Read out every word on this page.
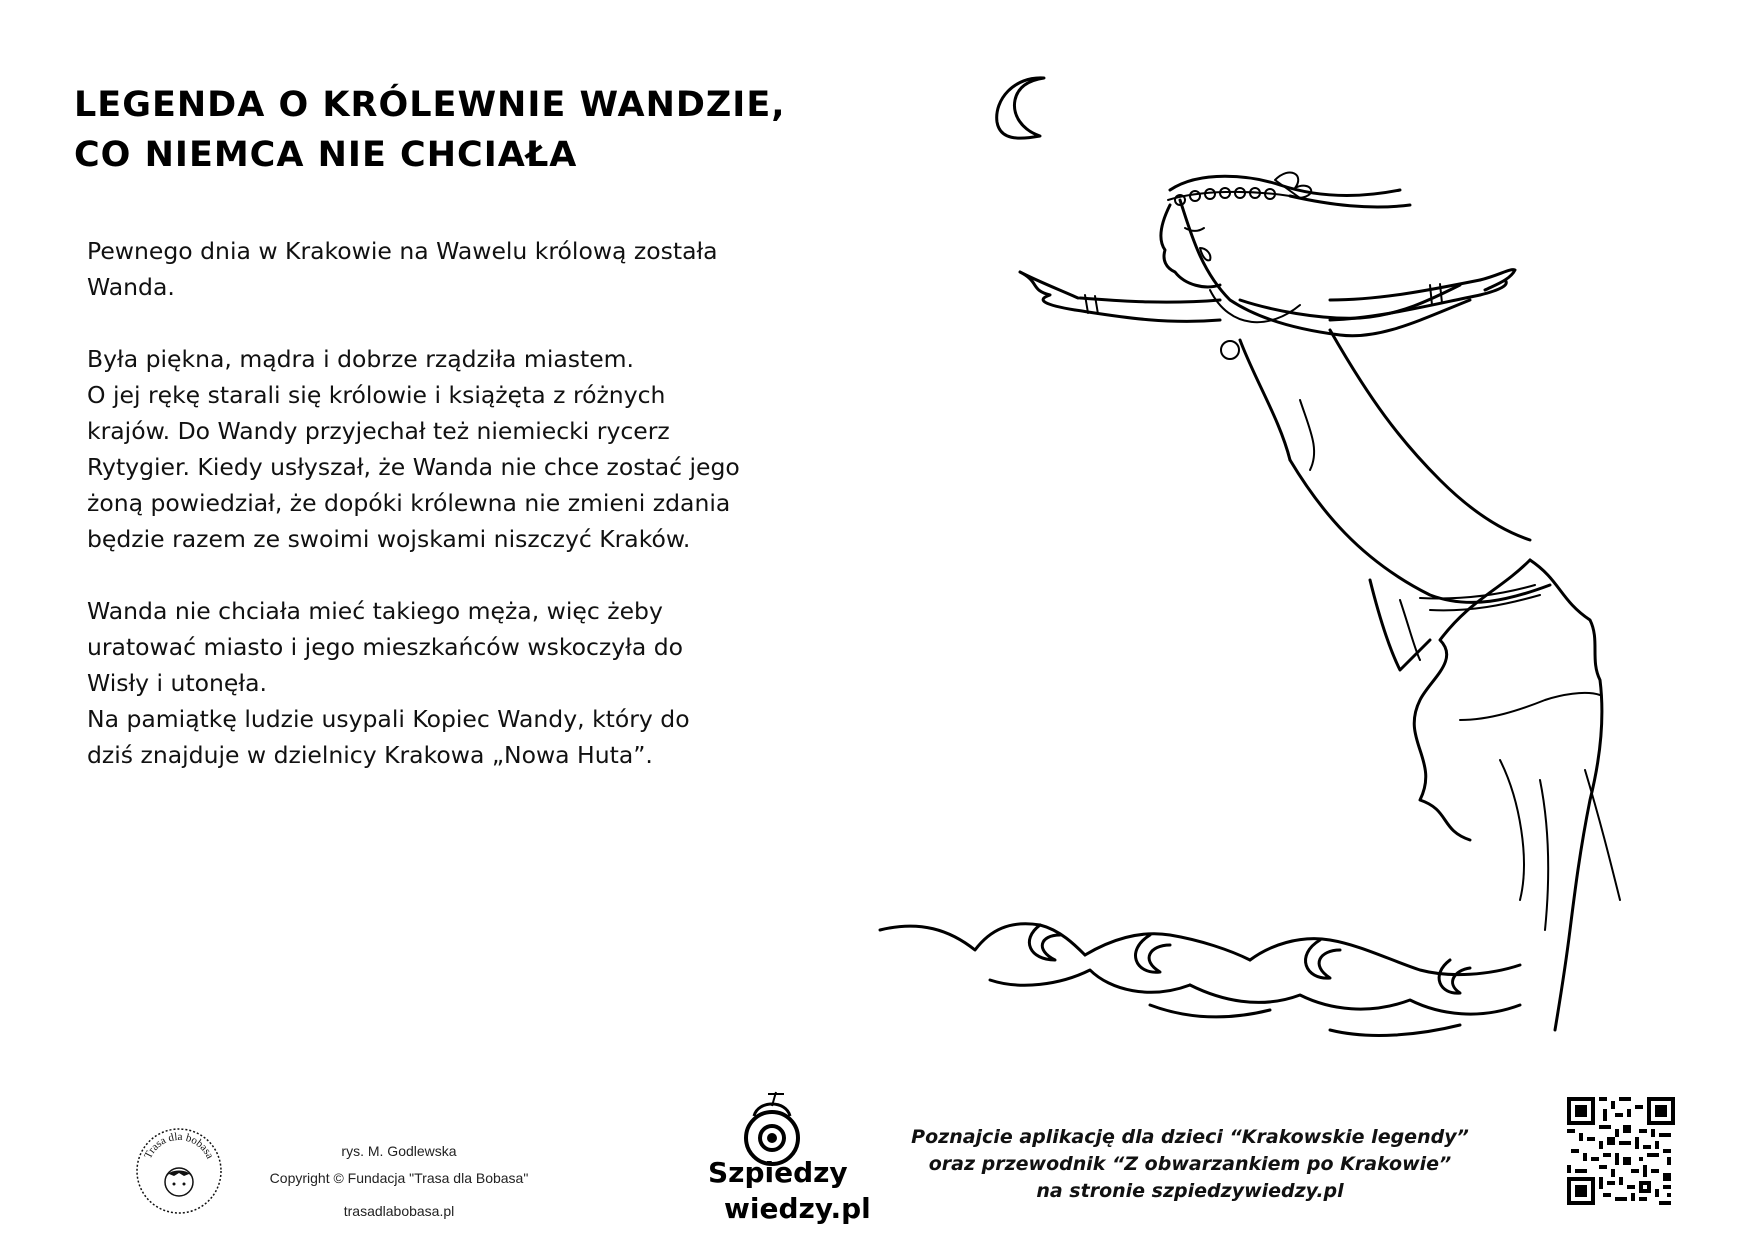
LEGENDA O KRÓLEWNIE WANDZIE,
CO NIEMCA NIE CHCIAŁA

Pewnego dnia w Krakowie na Wawelu królową została
Wanda.

Była piękna, mądra i dobrze rządziła miastem.
O jej rękę starali się królowie i książęta z różnych
krajów. Do Wandy przyjechał też niemiecki rycerz
Rytygier. Kiedy usłyszał, że Wanda nie chce zostać jego
żoną powiedział, że dopóki królewna nie zmieni zdania
będzie razem ze swoimi wojskami niszczyć Kraków.

Wanda nie chciała mieć takiego męża, więc żeby
uratować miasto i jego mieszkańców wskoczyła do
Wisły i utonęła.
Na pamiątkę ludzie usypali Kopiec Wandy, który do
dziś znajduje w dzielnicy Krakowa „Nowa Huta”.

Trasa dla bobasa	rys. M. Godlewska
Copyright © Fundacja "Trasa dla Bobasa"
trasadlabobasa.pl
Szpiedzy
wiedzy.pl
Poznajcie aplikację dla dzieci “Krakowskie legendy”
oraz przewodnik “Z obwarzankiem po Krakowie”
na stronie szpiedzywiedzy.pl
